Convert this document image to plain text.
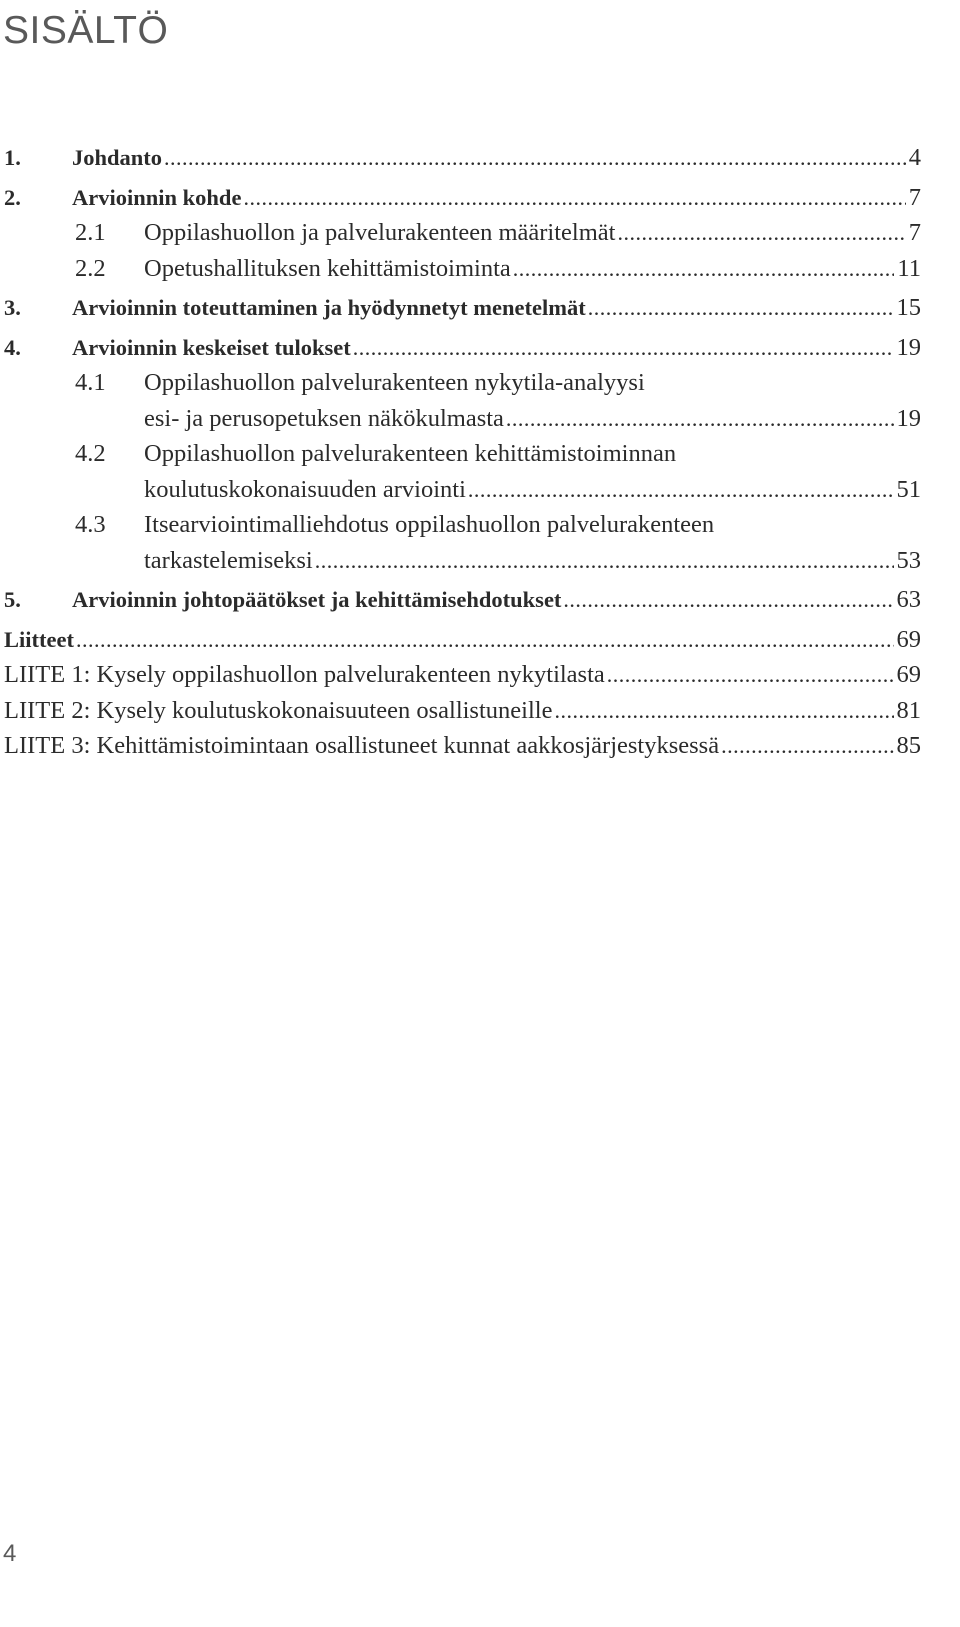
SISÄLTÖ
1.	Johdanto .....	4
2.	Arvioinnin kohde .....	7
2.1	Oppilashuollon ja palvelurakenteen määritelmät .....	7
2.2	Opetushallituksen kehittämistoiminta .....	11
3.	Arvioinnin toteuttaminen ja hyödynnetyt menetelmät .....	15
4.	Arvioinnin keskeiset tulokset .....	19
4.1	Oppilashuollon palvelurakenteen nykytila-analyysi
esi- ja perusopetuksen näkökulmasta .....	19
4.2	Oppilashuollon palvelurakenteen kehittämistoiminnan
koulutuskokonaisuuden arviointi .....	51
4.3	Itsearviointimalliehdotus oppilashuollon palvelurakenteen
tarkastelemiseksi .....	53
5.	Arvioinnin johtopäätökset ja kehittämisehdotukset .....	63
Liitteet .....	69
LIITE 1: Kysely oppilashuollon palvelurakenteen nykytilasta .....	69
LIITE 2: Kysely koulutuskokonaisuuteen osallistuneille .....	81
LIITE 3: Kehittämistoimintaan osallistuneet kunnat aakkosjärjestyksessä .....	85
4
